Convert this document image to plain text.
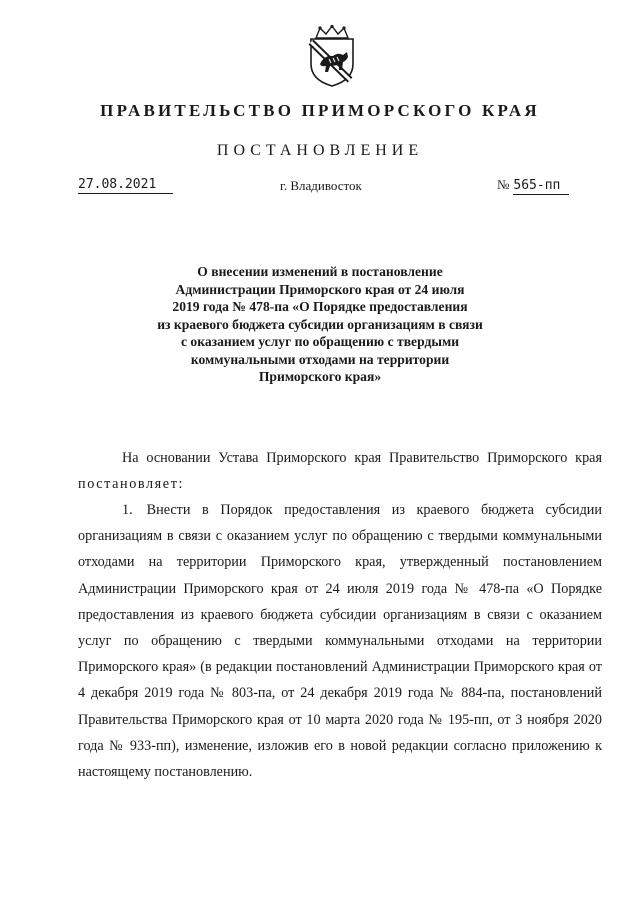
ПРАВИТЕЛЬСТВО ПРИМОРСКОГО КРАЯ
ПОСТАНОВЛЕНИЕ
27.08.2021	г. Владивосток	№ 565-пп
О внесении изменений в постановление
Администрации Приморского края от 24 июля
2019 года № 478-па «О Порядке предоставления
из краевого бюджета субсидии организациям в связи
с оказанием услуг по обращению с твердыми
коммунальными отходами на территории
Приморского края»
На основании Устава Приморского края Правительство Приморского края постановляет:
1. Внести в Порядок предоставления из краевого бюджета субсидии организациям в связи с оказанием услуг по обращению с твердыми коммунальными отходами на территории Приморского края, утвержденный постановлением Администрации Приморского края от 24 июля 2019 года № 478-па «О Порядке предоставления из краевого бюджета субсидии организациям в связи с оказанием услуг по обращению с твердыми коммунальными отходами на территории Приморского края» (в редакции постановлений Администрации Приморского края от 4 декабря 2019 года № 803-па, от 24 декабря 2019 года № 884-па, постановлений Правительства Приморского края от 10 марта 2020 года № 195-пп, от 3 ноября 2020 года № 933-пп), изменение, изложив его в новой редакции согласно приложению к настоящему постановлению.
